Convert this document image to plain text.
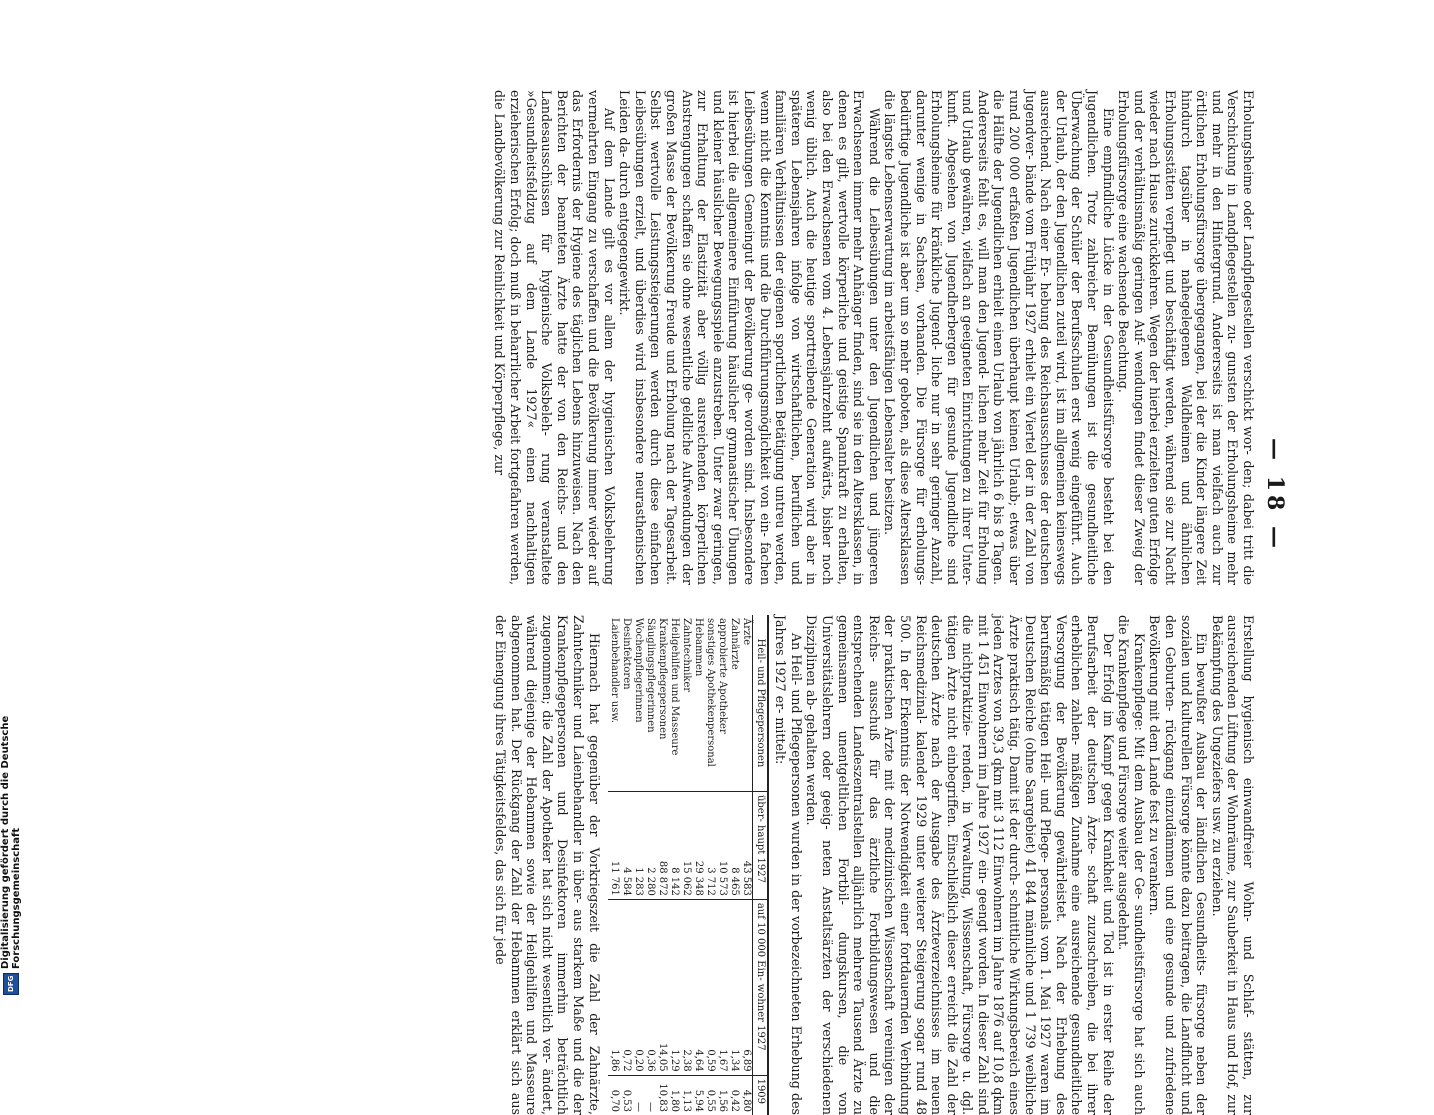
DFG
Digitalisierung gefördert durch die Deutsche Forschungsgemeinschaft
— 18 —

Erholungsheime oder Landpflegestellen verschickt wor- den; dabei tritt die Verschickung in Landpflegestellen zu- gunsten der Erholungsheime mehr und mehr in den Hintergrund. Andererseits ist man vielfach auch zur örtlichen Erholungsfürsorge übergegangen, bei der die Kinder längere Zeit hindurch tagsüber in nahegelegenen Waldheimen und ähnlichen Erholungsstätten verpflegt und beschäftigt werden, während sie zur Nacht wieder nach Hause zurückkehren. Wegen der hierbei erzielten guten Erfolge und der verhältnismäßig geringen Auf- wendungen findet dieser Zweig der Erholungsfürsorge eine wachsende Beachtung.

Eine empfindliche Lücke in der Gesundheitsfürsorge besteht bei den Jugendlichen. Trotz zahlreicher Bemühungen ist die gesundheitliche Überwachung der Schüler der Berufsschulen erst wenig eingeführt. Auch der Urlaub, der den Jugendlichen zuteil wird, ist im allgemeinen keineswegs ausreichend. Nach einer Er- hebung des Reichsausschusses der deutschen Jugendver- bände vom Frühjahr 1927 erhielt ein Viertel der in der Zahl von rund 200 000 erfaßten Jugendlichen überhaupt keinen Urlaub; etwas über die Hälfte der Jugendlichen erhielt einen Urlaub von jährlich 6 bis 8 Tagen. Andererseits fehlt es, will man den Jugend- lichen mehr Zeit für Erholung und Urlaub gewähren, vielfach an geeigneten Einrichtungen zu ihrer Unter- kunft. Abgesehen von Jugendherbergen für gesunde Jugendliche sind Erholungsheime für kränkliche Jugend- liche nur in sehr geringer Anzahl, darunter wenige in Sachsen, vorhanden. Die Fürsorge für erholungs- bedürftige Jugendliche ist aber um so mehr geboten, als diese Altersklassen die längste Lebenserwartung im arbeitsfähigen Lebensalter besitzen.

Während die Leibesübungen unter den Jugendlichen und jüngeren Erwachsenen immer mehr Anhänger finden, sind sie in den Altersklassen, in denen es gilt, wertvolle körperliche und geistige Spannkraft zu erhalten, also bei den Erwachsenen vom 4. Lebensjahrzehnt aufwärts, bisher noch wenig üblich. Auch die heutige sporttreibende Generation wird aber in späteren Lebensjahren infolge von wirtschaftlichen, beruflichen und familiären Verhältnissen der eigenen sportlichen Betätigung untreu werden, wenn nicht die Kenntnis und die Durchführungsmöglichkeit von ein- fachen Leibesübungen Gemeingut der Bevölkerung ge- worden sind. Insbesondere ist hierbei die allgemeinere Einführung häuslicher gymnastischer Übungen und kleiner häuslicher Bewegungsspiele anzustreben. Unter zwar geringen, zur Erhaltung der Elastizität aber völlig ausreichenden körperlichen Anstrengungen schaffen sie ohne wesentliche geldliche Aufwendungen der großen Masse der Bevölkerung Freude und Erholung nach der Tagesarbeit. Selbst wertvolle Leistungssteigerungen werden durch diese einfachen Leibesübungen erzielt, und überdies wird insbesondere neurasthenischen Leiden da- durch entgegengewirkt.

Auf dem Lande gilt es vor allem der hygienischen Volksbelehrung vermehrten Eingang zu verschaffen und die Bevölkerung immer wieder auf das Erfordernis der Hygiene des täglichen Lebens hinzuweisen. Nach den Berichten der beamteten Ärzte hatte der von den Reichs- und den Landesausschüssen für hygienische Volksbeleh- rung veranstaltete »Gesundheitsfeldzug auf dem Lande 1927« einen nachhaltigen erzieherischen Erfolg; doch muß in beharrlicher Arbeit fortgefahren werden, die Landbevölkerung zur Reinlichkeit und Körperpflege, zur

Erstellung hygienisch einwandfreier Wohn- und Schlaf- stätten, zur ausreichenden Lüftung der Wohnräume, zur Sauberkeit in Haus und Hof, zur Bekämpfung des Ungeziefers usw. zu erziehen.

Ein bewußter Ausbau der ländlichen Gesundheits- fürsorge neben der sozialen und kulturellen Fürsorge könnte dazu beitragen, die Landflucht und den Geburten- rückgang einzudämmen und eine gesunde und zufriedene Bevölkerung mit dem Lande fest zu verankern.

Krankenpflege: Mit dem Ausbau der Ge- sundheitsfürsorge hat sich auch die Krankenpflege und Fürsorge weiter ausgedehnt.

Der Erfolg im Kampf gegen Krankheit und Tod ist in erster Reihe der Berufsarbeit der deutschen Ärzte- schaft zuzuschreiben, die bei ihrer erheblichen zahlen- mäßigen Zunahme eine ausreichende gesundheitliche Versorgung der Bevölkerung gewährleistet. Nach der Erhebung des berufsmäßig tätigen Heil- und Pflege- personals vom 1. Mai 1927 waren im Deutschen Reiche (ohne Saargebiet) 41 844 männliche und 1 739 weibliche Ärzte praktisch tätig. Damit ist der durch- schnittliche Wirkungsbereich eines jeden Arztes von 39,3 qkm mit 3 112 Einwohnern im Jahre 1876 auf 10,8 qkm mit 1 451 Einwohnern im Jahre 1927 ein- geengt worden. In dieser Zahl sind die nichtpraktizie- renden, in Verwaltung, Wissenschaft, Fürsorge u. dgl. tätigen Ärzte nicht einbegriffen. Einschließlich dieser erreicht die Zahl der deutschen Ärzte nach der Ausgabe des Ärzteverzeichnisses im neuen Reichsmedizinal- kalender 1929 unter weiterer Steigerung sogar rund 48 500. In der Erkenntnis der Notwendigkeit einer fortdauernden Verbindung der praktischen Ärzte mit der medizinischen Wissenschaft vereinigen der Reichs- ausschuß für das ärztliche Fortbildungswesen und die entsprechenden Landeszentralstellen alljährlich mehrere Tausend Ärzte zu gemeinsamen unentgeltlichen Fortbil- dungskursen, die von Universitätslehrern oder geeig- neten Anstaltsärzten der verschiedenen Disziplinen ab- gehalten werden.

An Heil- und Pflegepersonen wurden in der vorbezeichneten Erhebung des Jahres 1927 er- mittelt:

Heil- und Pflegepersonen	über- haupt 1927	auf 10 000 Ein- wohner 1927	1909
Ärzte	43 583	6,89	4,80
Zahnärzte	8 465	1,34	0,42
approbierte Apotheker	10 573	1,67	1,56
sonstiges Apothekenpersonal	3 712	0,59	0,55
Hebammen	29 348	4,64	5,94
Zahntechniker	15 062	2,38	1,13
Heilgehilfen und Masseure	8 142	1,29	1,80
Krankenpflegepersonen	88 872	14,05	10,83
Säuglingspflegerinnen	2 280	0,36	—
Wochenpflegerinnen	1 283	0,20	—
Desinfektoren	4 584	0,72	0,53
Laienbehandler usw.	11 761	1,86	0,70

Hiernach hat gegenüber der Vorkriegszeit die Zahl der Zahnärzte, Zahntechniker und Laienbehandler in über- aus starkem Maße und die der Krankenpflegepersonen und Desinfektoren immerhin beträchtlich zugenommen; die Zahl der Apotheker hat sich nicht wesentlich ver- ändert, während diejenige der Hebammen sowie der Heilgehilfen und Masseure abgenommen hat. Der Rückgang der Zahl der Hebammen erklärt sich aus der Einengung ihres Tätigkeitsfeldes, das sich für jede
